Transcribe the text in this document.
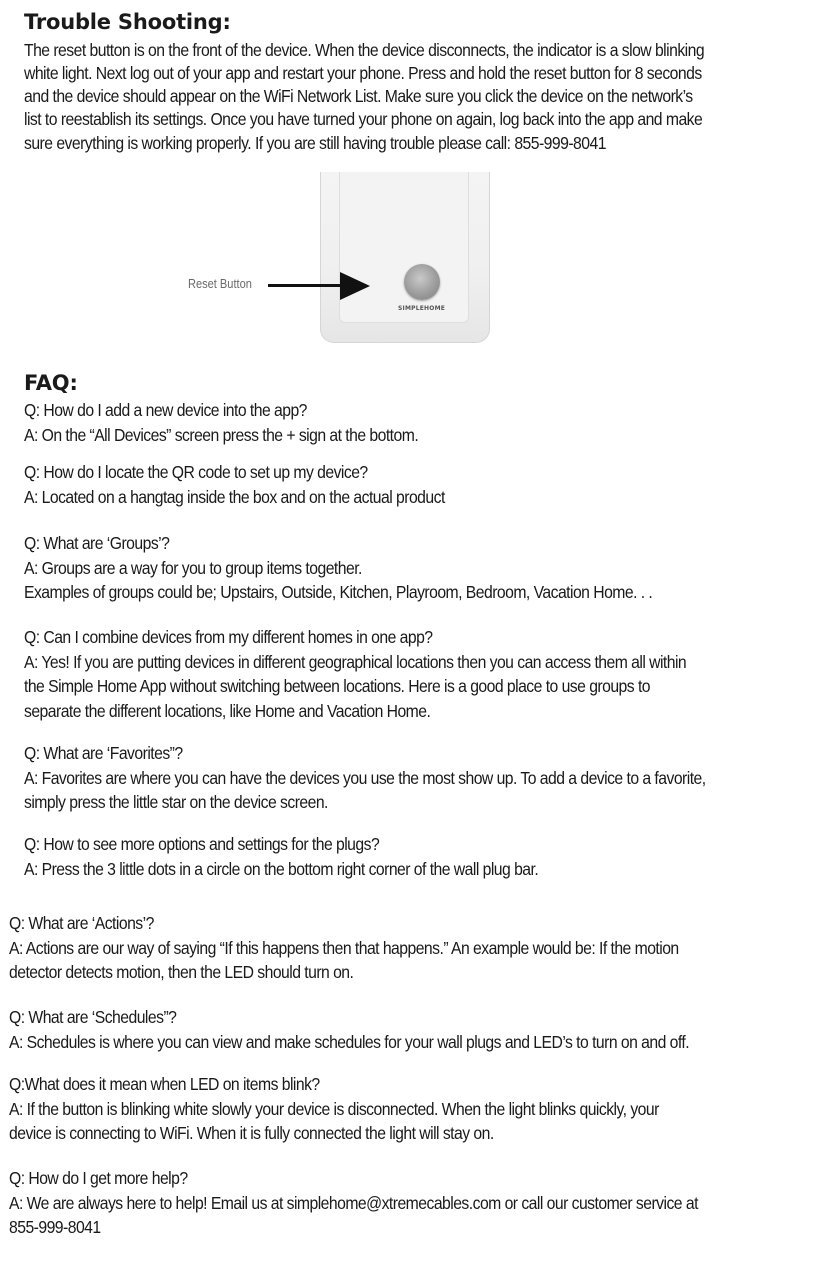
Trouble Shooting:

The reset button is on the front of the device. When the device disconnects, the indicator is a slow blinking

white light. Next log out of your app and restart your phone. Press and hold the reset button for 8 seconds

and the device should appear on the WiFi Network List. Make sure you click the device on the network’s

list to reestablish its settings. Once you have turned your phone on again, log back into the app and make

sure everything is working properly. If you are still having trouble please call: 855-999-8041

SIMPLEHOME
Reset Button
FAQ:

Q: How do I add a new device into the app?

A: On the “All Devices” screen press the + sign at the bottom.

Q: How do I locate the QR code to set up my device?

A: Located on a hangtag inside the box and on the actual product

Q: What are ‘Groups’?

A: Groups are a way for you to group items together.

Examples of groups could be; Upstairs, Outside, Kitchen, Playroom, Bedroom, Vacation Home. . .

Q: Can I combine devices from my different homes in one app?

A: Yes! If you are putting devices in different geographical locations then you can access them all within

the Simple Home App without switching between locations. Here is a good place to use groups to

separate the different locations, like Home and Vacation Home.

Q: What are ‘Favorites”?

A: Favorites are where you can have the devices you use the most show up. To add a device to a favorite,

simply press the little star on the device screen.

Q: How to see more options and settings for the plugs?

A: Press the 3 little dots in a circle on the bottom right corner of the wall plug bar.

Q: What are ‘Actions’?

A: Actions are our way of saying “If this happens then that happens.” An example would be: If the motion

detector detects motion, then the LED should turn on.

Q: What are ‘Schedules”?

A: Schedules is where you can view and make schedules for your wall plugs and LED’s to turn on and off.

Q:What does it mean when LED on items blink?

A: If the button is blinking white slowly your device is disconnected. When the light blinks quickly, your

device is connecting to WiFi. When it is fully connected the light will stay on.

Q: How do I get more help?

A: We are always here to help! Email us at simplehome@xtremecables.com or call our customer service at

855-999-8041
